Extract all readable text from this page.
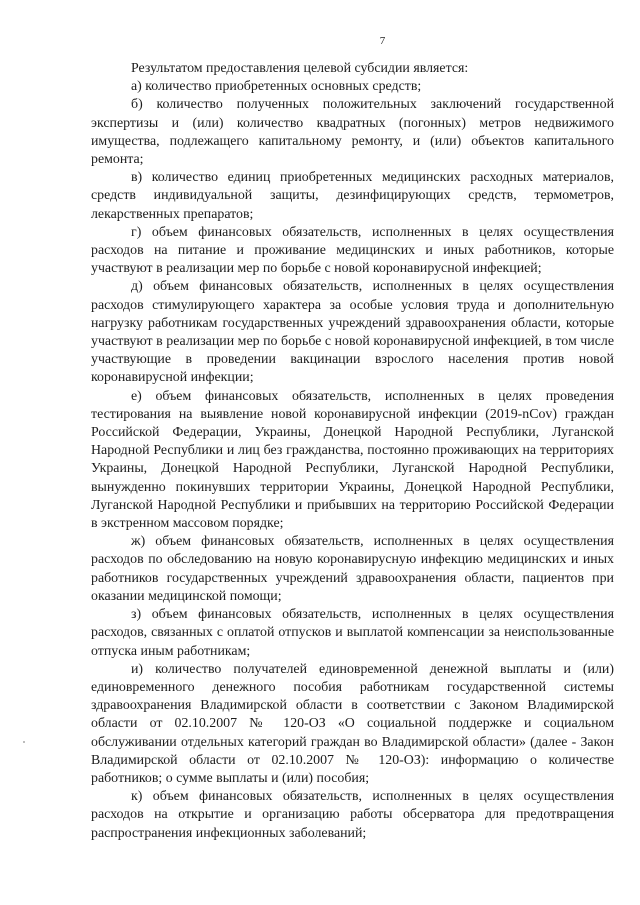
7

Результатом предоставления целевой субсидии является:

а) количество приобретенных основных средств;

б) количество полученных положительных заключений государственной экспертизы и (или) количество квадратных (погонных) метров недвижимого имущества, подлежащего капитальному ремонту, и (или) объектов капитального ремонта;

в) количество единиц приобретенных медицинских расходных материалов, средств индивидуальной защиты, дезинфицирующих средств, термометров, лекарственных препаратов;

г) объем финансовых обязательств, исполненных в целях осуществления расходов на питание и проживание медицинских и иных работников, которые участвуют в реализации мер по борьбе с новой коронавирусной инфекцией;

д) объем финансовых обязательств, исполненных в целях осуществления расходов стимулирующего характера за особые условия труда и дополнительную нагрузку работникам государственных учреждений здравоохранения области, которые участвуют в реализации мер по борьбе с новой коронавирусной инфекцией, в том числе участвующие в проведении вакцинации взрослого населения против новой коронавирусной инфекции;

е) объем финансовых обязательств, исполненных в целях проведения тестирования на выявление новой коронавирусной инфекции (2019-nCov) граждан Российской Федерации, Украины, Донецкой Народной Республики, Луганской Народной Республики и лиц без гражданства, постоянно проживающих на территориях Украины, Донецкой Народной Республики, Луганской Народной Республики, вынужденно покинувших территории Украины, Донецкой Народной Республики, Луганской Народной Республики и прибывших на территорию Российской Федерации в экстренном массовом порядке;

ж) объем финансовых обязательств, исполненных в целях осуществления расходов по обследованию на новую коронавирусную инфекцию медицинских и иных работников государственных учреждений здравоохранения области, пациентов при оказании медицинской помощи;

з) объем финансовых обязательств, исполненных в целях осуществления расходов, связанных с оплатой отпусков и выплатой компенсации за неиспользованные отпуска иным работникам;

и) количество получателей единовременной денежной выплаты и (или) единовременного денежного пособия работникам государственной системы здравоохранения Владимирской области в соответствии с Законом Владимирской области от 02.10.2007 № 120-ОЗ «О социальной поддержке и социальном обслуживании отдельных категорий граждан во Владимирской области» (далее - Закон Владимирской области от 02.10.2007 № 120-ОЗ): информацию о количестве работников; о сумме выплаты и (или) пособия;

к) объем финансовых обязательств, исполненных в целях осуществления расходов на открытие и организацию работы обсерватора для предотвращения распространения инфекционных заболеваний;
